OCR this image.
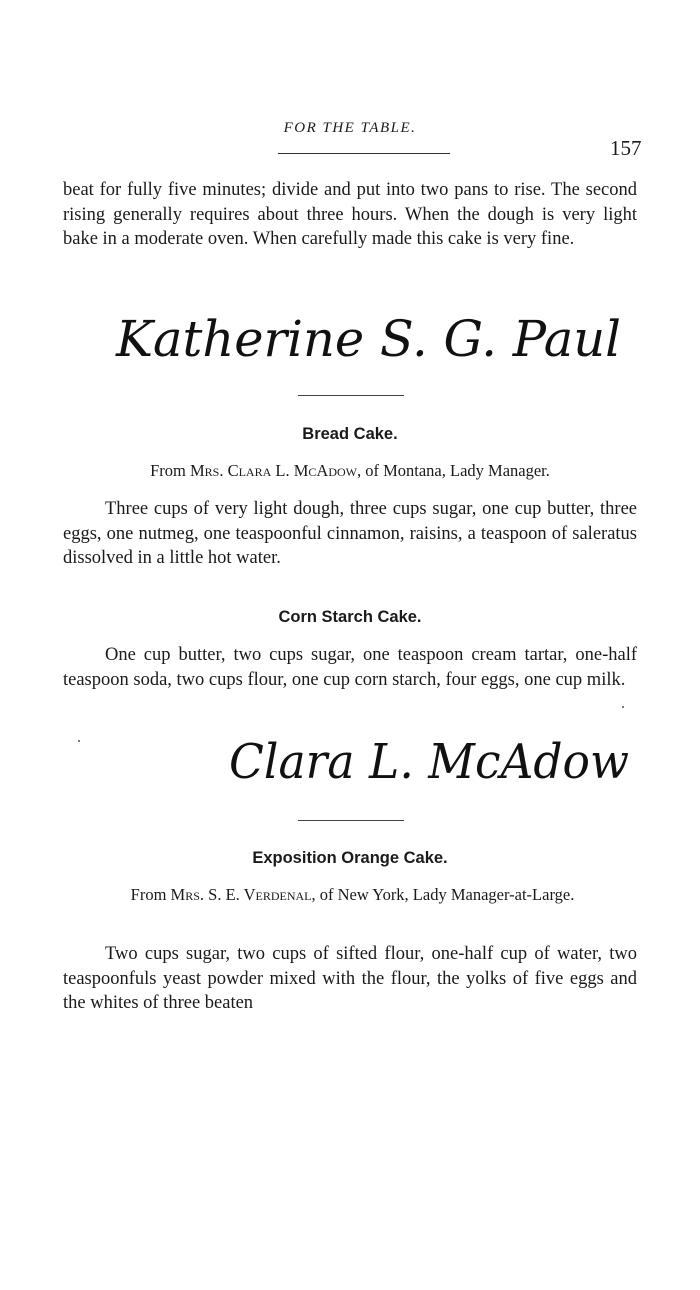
FOR THE TABLE.
157
beat for fully five minutes; divide and put into two pans to rise. The second rising generally requires about three hours. When the dough is very light bake in a moderate oven. When carefully made this cake is very fine.
Katherine S. G. Paul
Bread Cake.
From Mrs. Clara L. McAdow, of Montana, Lady Manager.
Three cups of very light dough, three cups sugar, one cup butter, three eggs, one nutmeg, one teaspoonful cinnamon, raisins, a teaspoon of saleratus dissolved in a little hot water.
Corn Starch Cake.
One cup butter, two cups sugar, one teaspoon cream tartar, one-half teaspoon soda, two cups flour, one cup corn starch, four eggs, one cup milk.
Clara L. McAdow
Exposition Orange Cake.
From Mrs. S. E. Verdenal, of New York, Lady Manager-at-Large.
Two cups sugar, two cups of sifted flour, one-half cup of water, two teaspoonfuls yeast powder mixed with the flour, the yolks of five eggs and the whites of three beaten
